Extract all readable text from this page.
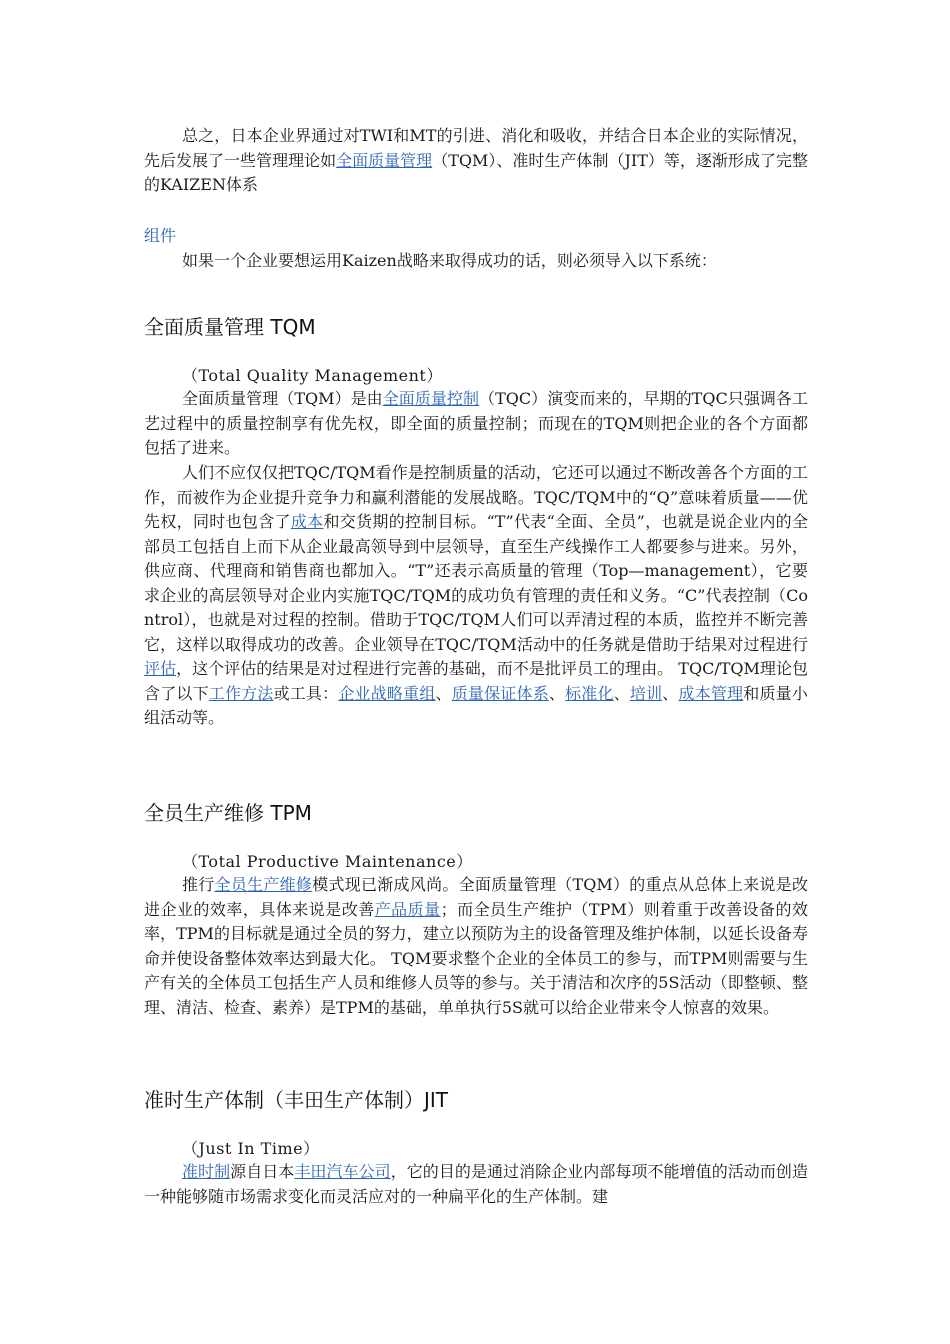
总之，日本企业界通过对TWI和MT的引进、消化和吸收，并结合日本企业的实际情况，先后发展了一些管理理论如全面质量管理（TQM）、准时生产体制（JIT）等，逐渐形成了完整的KAIZEN体系
组件
如果一个企业要想运用Kaizen战略来取得成功的话，则必须导入以下系统：
全面质量管理 TQM
（Total Quality Management）
全面质量管理（TQM）是由全面质量控制（TQC）演变而来的，早期的TQC只强调各工艺过程中的质量控制享有优先权，即全面的质量控制；而现在的TQM则把企业的各个方面都包括了进来。
人们不应仅仅把TQC/TQM看作是控制质量的活动，它还可以通过不断改善各个方面的工作，而被作为企业提升竞争力和赢利潜能的发展战略。TQC/TQM中的“Q”意味着质量——优先权，同时也包含了成本和交货期的控制目标。“T”代表“全面、全员”，也就是说企业内的全部员工包括自上而下从企业最高领导到中层领导，直至生产线操作工人都要参与进来。另外，供应商、代理商和销售商也都加入。“T”还表示高质量的管理（Top—management），它要求企业的高层领导对企业内实施TQC/TQM的成功负有管理的责任和义务。“C”代表控制（Control），也就是对过程的控制。借助于TQC/TQM人们可以弄清过程的本质，监控并不断完善它，这样以取得成功的改善。企业领导在TQC/TQM活动中的任务就是借助于结果对过程进行评估，这个评估的结果是对过程进行完善的基础，而不是批评员工的理由。 TQC/TQM理论包含了以下工作方法或工具：企业战略重组、质量保证体系、标准化、培训、成本管理和质量小组活动等。
全员生产维修 TPM
（Total Productive Maintenance）
推行全员生产维修模式现已渐成风尚。全面质量管理（TQM）的重点从总体上来说是改进企业的效率，具体来说是改善产品质量；而全员生产维护（TPM）则着重于改善设备的效率，TPM的目标就是通过全员的努力，建立以预防为主的设备管理及维护体制，以延长设备寿命并使设备整体效率达到最大化。 TQM要求整个企业的全体员工的参与，而TPM则需要与生产有关的全体员工包括生产人员和维修人员等的参与。关于清洁和次序的5S活动（即整顿、整理、清洁、检查、素养）是TPM的基础，单单执行5S就可以给企业带来令人惊喜的效果。
准时生产体制（丰田生产体制）JIT
（Just In Time）
准时制源自日本丰田汽车公司，它的目的是通过消除企业内部每项不能增值的活动而创造一种能够随市场需求变化而灵活应对的一种扁平化的生产体制。建
